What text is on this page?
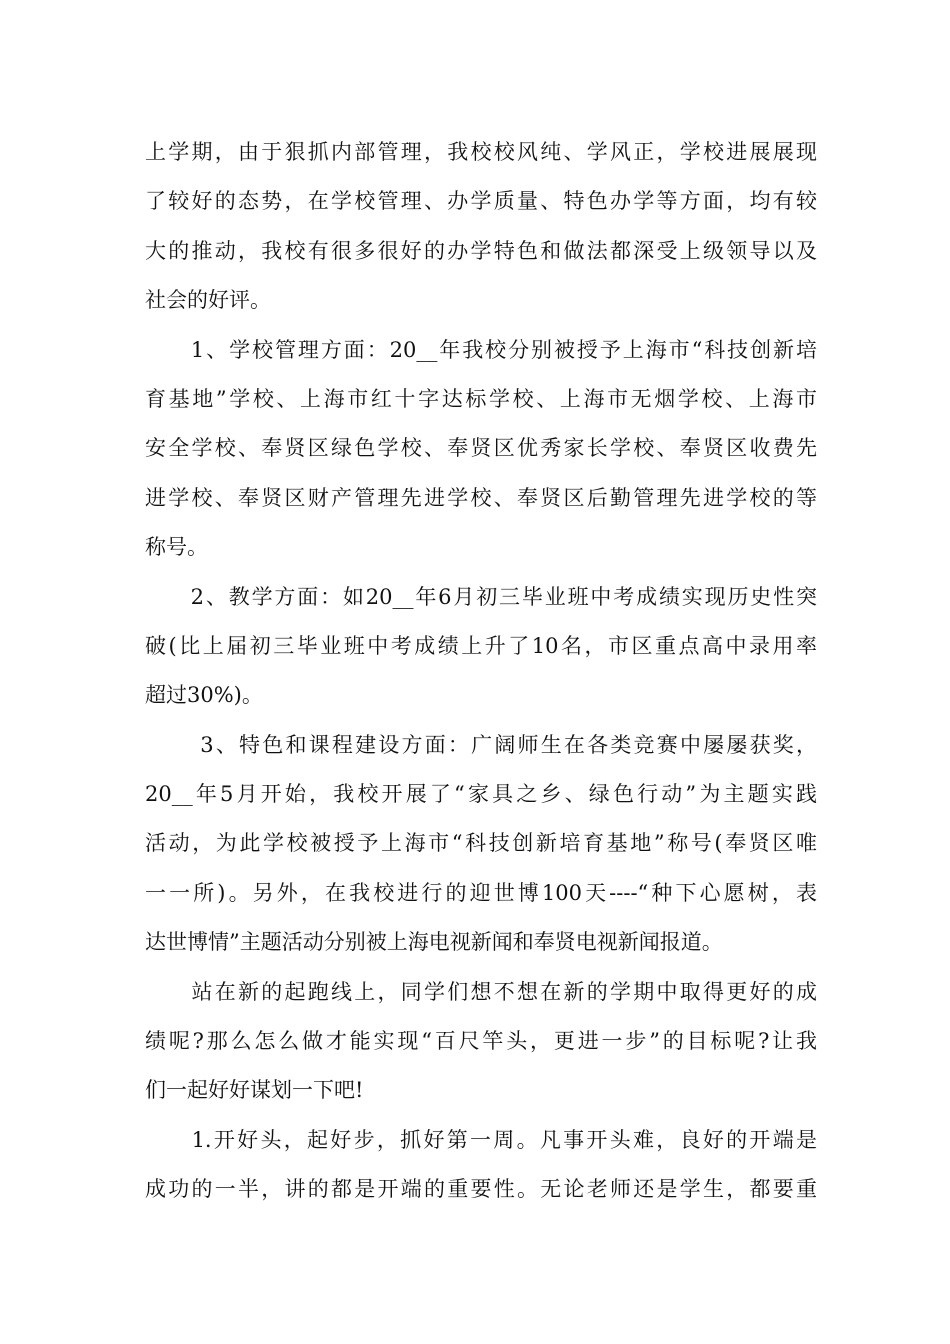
上学期，由于狠抓内部管理，我校校风纯、学风正，学校进展展现
了较好的态势，在学校管理、办学质量、特色办学等方面，均有较
大的推动，我校有很多很好的办学特色和做法都深受上级领导以及
社会的好评。
　　1、学校管理方面：20__年我校分别被授予上海市“科技创新培
育基地”学校、上海市红十字达标学校、上海市无烟学校、上海市
安全学校、奉贤区绿色学校、奉贤区优秀家长学校、奉贤区收费先
进学校、奉贤区财产管理先进学校、奉贤区后勤管理先进学校的等
称号。
　　2、教学方面：如20__年6月初三毕业班中考成绩实现历史性突
破(比上届初三毕业班中考成绩上升了10名，市区重点高中录用率
超过30%)。
　　 3、特色和课程建设方面：广阔师生在各类竞赛中屡屡获奖，
20__年5月开始，我校开展了“家具之乡、绿色行动”为主题实践
活动，为此学校被授予上海市“科技创新培育基地”称号(奉贤区唯
一一所)。另外，在我校进行的迎世博100天----“种下心愿树，表
达世博情”主题活动分别被上海电视新闻和奉贤电视新闻报道。
　　站在新的起跑线上，同学们想不想在新的学期中取得更好的成
绩呢?那么怎么做才能实现“百尺竿头，更进一步”的目标呢?让我
们一起好好谋划一下吧!
　　1.开好头，起好步，抓好第一周。凡事开头难，良好的开端是
成功的一半，讲的都是开端的重要性。无论老师还是学生，都要重
